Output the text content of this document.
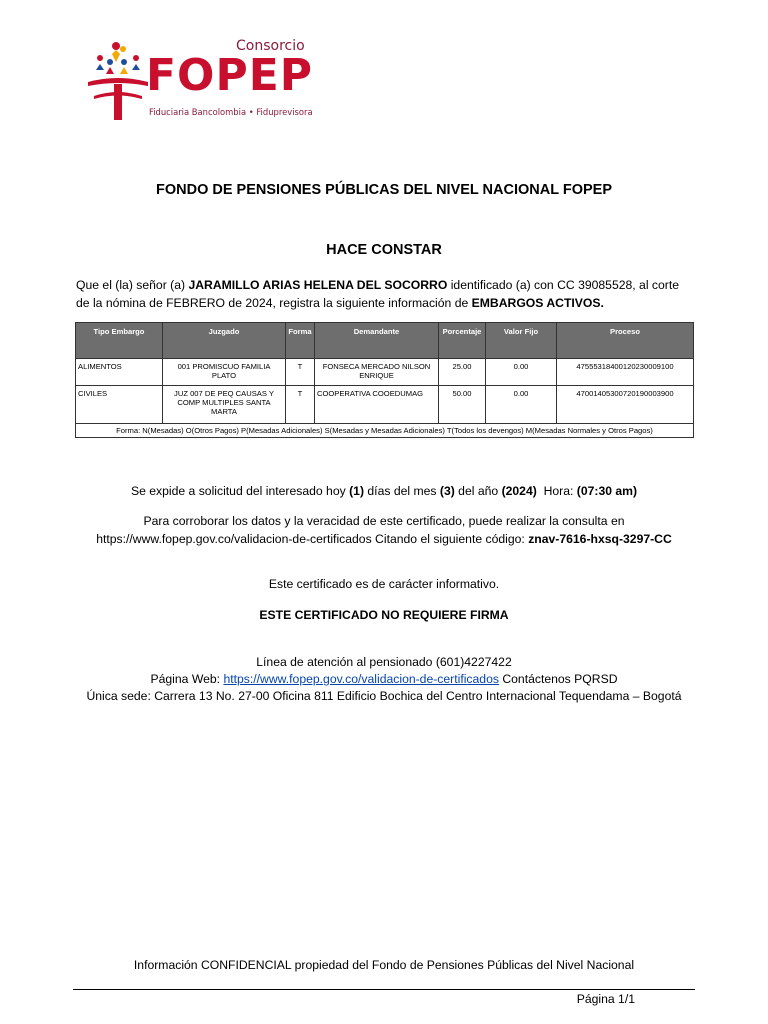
Consorcio
FOPEP
Fiduciaria Bancolombia • Fiduprevisora
FONDO DE PENSIONES PÚBLICAS DEL NIVEL NACIONAL FOPEP
HACE CONSTAR
Que el (la) señor (a) JARAMILLO ARIAS HELENA DEL SOCORRO identificado (a) con CC 39085528, al corte de la nómina de FEBRERO de 2024, registra la siguiente información de EMBARGOS ACTIVOS.
Tipo Embargo	Juzgado	Forma	Demandante	Porcentaje	Valor Fijo	Proceso
ALIMENTOS	001 PROMISCUO FAMILIA PLATO	T	FONSECA MERCADO NILSON ENRIQUE	25.00	0.00	47555318400120230009100
CIVILES	JUZ 007 DE PEQ CAUSAS Y COMP MULTIPLES SANTA MARTA	T	COOPERATIVA COOEDUMAG	50.00	0.00	47001405300720190003900
Forma: N(Mesadas) O(Otros Pagos) P(Mesadas Adicionales) S(Mesadas y Mesadas Adicionales) T(Todos los devengos) M(Mesadas Normales y Otros Pagos)						
Se expide a solicitud del interesado hoy (1) días del mes (3) del año (2024)  Hora: (07:30 am)
Para corroborar los datos y la veracidad de este certificado, puede realizar la consulta en
https://www.fopep.gov.co/validacion-de-certificados Citando el siguiente código: znav-7616-hxsq-3297-CC
Este certificado es de carácter informativo.
ESTE CERTIFICADO NO REQUIERE FIRMA
Línea de atención al pensionado (601)4227422
Página Web: https://www.fopep.gov.co/validacion-de-certificados Contáctenos PQRSD
Única sede: Carrera 13 No. 27-00 Oficina 811 Edificio Bochica del Centro Internacional Tequendama – Bogotá
Información CONFIDENCIAL propiedad del Fondo de Pensiones Públicas del Nivel Nacional
Página 1/1
